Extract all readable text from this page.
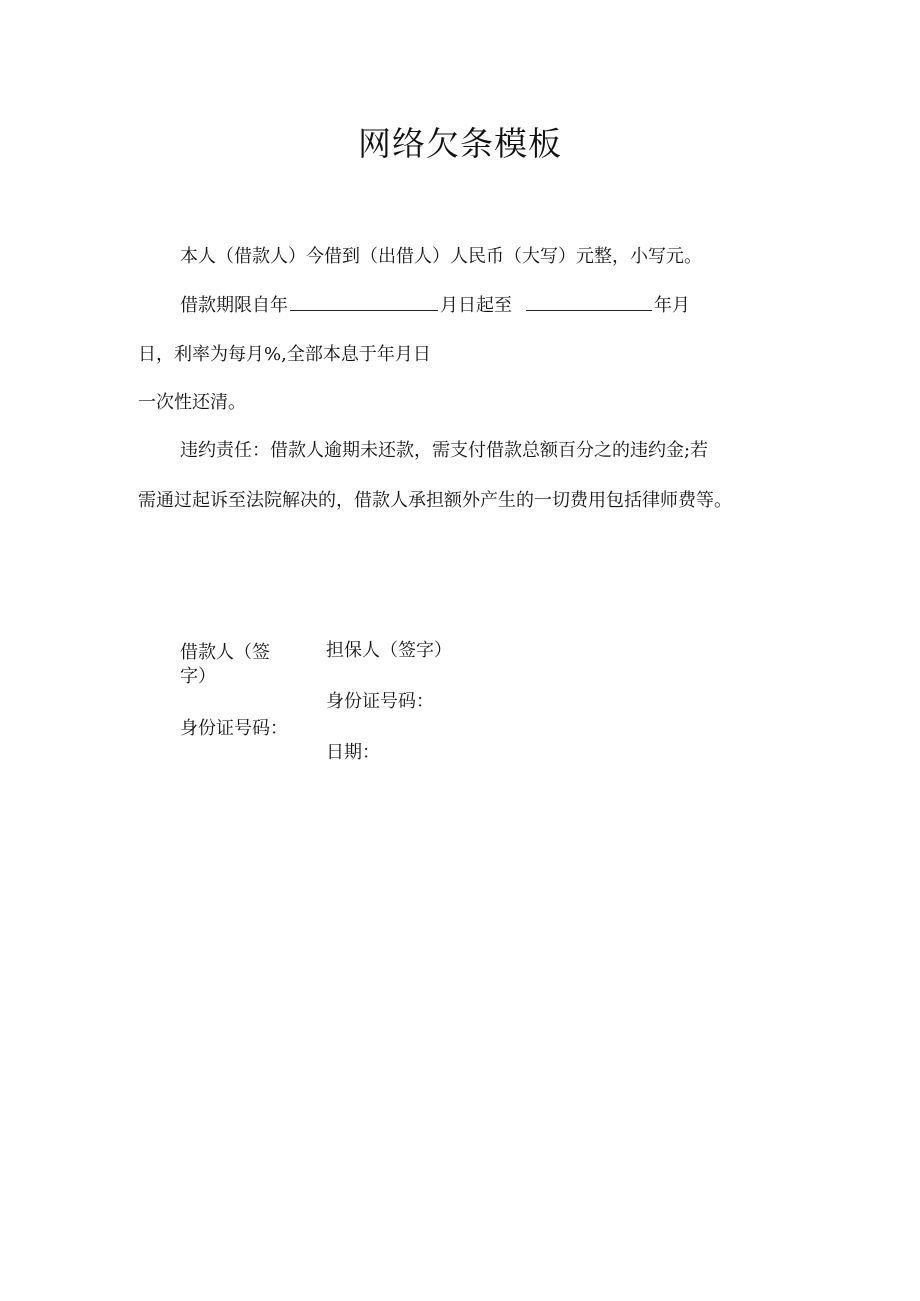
网络欠条模板
本人（借款人）今借到（出借人）人民币（大写）元整，小写元。
借款期限自年	月日起至	年月
日，利率为每月%,全部本息于年月日
一次性还清。
违约责任：借款人逾期未还款，需支付借款总额百分之的违约金;若
需通过起诉至法院解决的，借款人承担额外产生的一切费用包括律师费等。
借款人（签
字）
身份证号码：
担保人（签字）
身份证号码：
日期：
